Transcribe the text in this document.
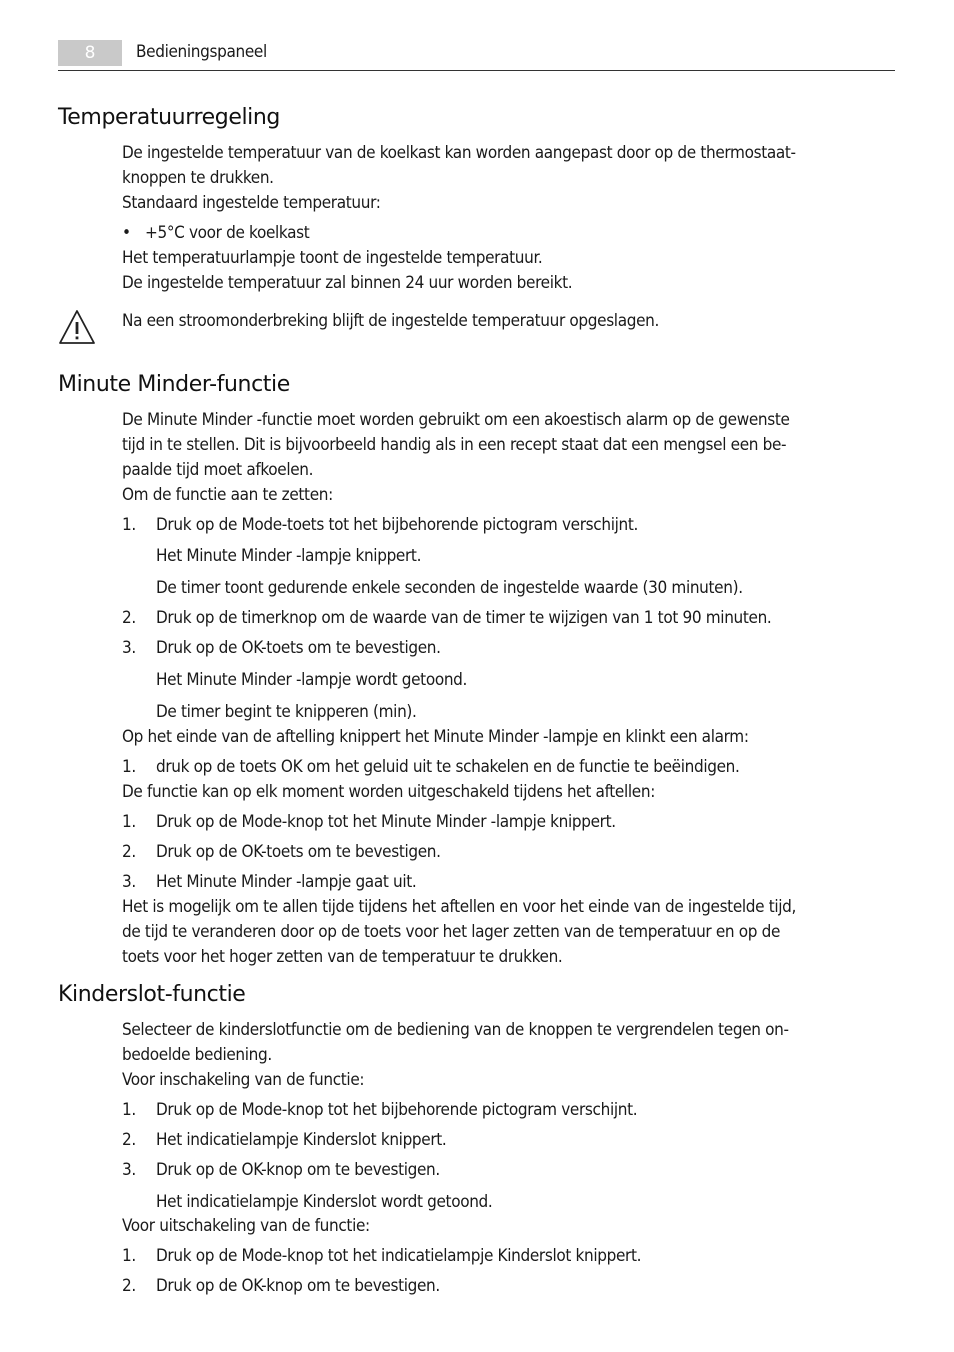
8	Bedieningspaneel
Temperatuurregeling
De ingestelde temperatuur van de koelkast kan worden aangepast door op de thermostaat-
knoppen te drukken.
Standaard ingestelde temperatuur:
• +5°C voor de koelkast
Het temperatuurlampje toont de ingestelde temperatuur.
De ingestelde temperatuur zal binnen 24 uur worden bereikt.
Na een stroomonderbreking blijft de ingestelde temperatuur opgeslagen.
Minute Minder-functie
De Minute Minder -functie moet worden gebruikt om een akoestisch alarm op de gewenste
tijd in te stellen. Dit is bijvoorbeeld handig als in een recept staat dat een mengsel een be-
paalde tijd moet afkoelen.
Om de functie aan te zetten:
1. Druk op de Mode-toets tot het bijbehorende pictogram verschijnt.
Het Minute Minder -lampje knippert.
De timer toont gedurende enkele seconden de ingestelde waarde (30 minuten).
2. Druk op de timerknop om de waarde van de timer te wijzigen van 1 tot 90 minuten.
3. Druk op de OK-toets om te bevestigen.
Het Minute Minder -lampje wordt getoond.
De timer begint te knipperen (min).
Op het einde van de aftelling knippert het Minute Minder -lampje en klinkt een alarm:
1. druk op de toets OK om het geluid uit te schakelen en de functie te beëindigen.
De functie kan op elk moment worden uitgeschakeld tijdens het aftellen:
1. Druk op de Mode-knop tot het Minute Minder -lampje knippert.
2. Druk op de OK-toets om te bevestigen.
3. Het Minute Minder -lampje gaat uit.
Het is mogelijk om te allen tijde tijdens het aftellen en voor het einde van de ingestelde tijd,
de tijd te veranderen door op de toets voor het lager zetten van de temperatuur en op de
toets voor het hoger zetten van de temperatuur te drukken.
Kinderslot-functie
Selecteer de kinderslotfunctie om de bediening van de knoppen te vergrendelen tegen on-
bedoelde bediening.
Voor inschakeling van de functie:
1. Druk op de Mode-knop tot het bijbehorende pictogram verschijnt.
2. Het indicatielampje Kinderslot knippert.
3. Druk op de OK-knop om te bevestigen.
Het indicatielampje Kinderslot wordt getoond.
Voor uitschakeling van de functie:
1. Druk op de Mode-knop tot het indicatielampje Kinderslot knippert.
2. Druk op de OK-knop om te bevestigen.
